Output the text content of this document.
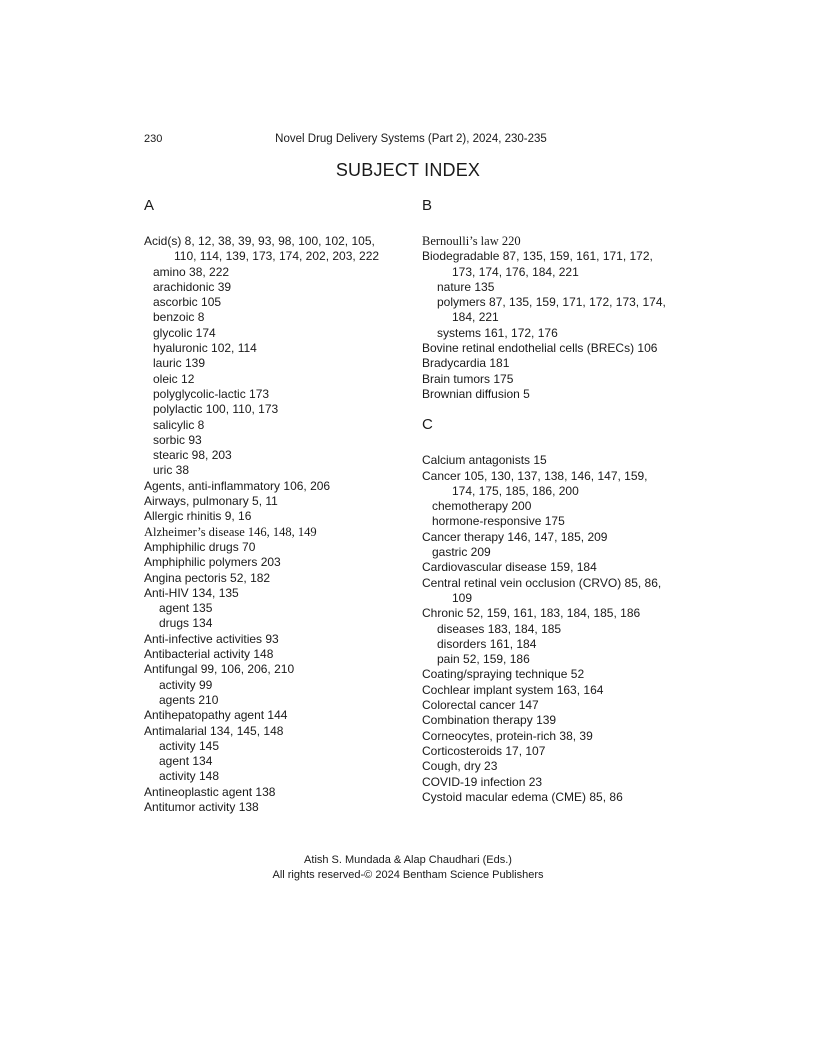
230	Novel Drug Delivery Systems (Part 2), 2024, 230-235
SUBJECT INDEX
A
Acid(s) 8, 12, 38, 39, 93, 98, 100, 102, 105,
110, 114, 139, 173, 174, 202, 203, 222
amino 38, 222
arachidonic 39
ascorbic 105
benzoic 8
glycolic 174
hyaluronic 102, 114
lauric 139
oleic 12
polyglycolic-lactic 173
polylactic 100, 110, 173
salicylic 8
sorbic 93
stearic 98, 203
uric 38
Agents, anti-inflammatory 106, 206
Airways, pulmonary 5, 11
Allergic rhinitis 9, 16
Alzheimer’s disease 146, 148, 149
Amphiphilic drugs 70
Amphiphilic polymers 203
Angina pectoris 52, 182
Anti-HIV 134, 135
agent 135
drugs 134
Anti-infective activities 93
Antibacterial activity 148
Antifungal 99, 106, 206, 210
activity 99
agents 210
Antihepatopathy agent 144
Antimalarial 134, 145, 148
activity 145
agent 134
activity 148
Antineoplastic agent 138
Antitumor activity 138
B
Bernoulli’s law 220
Biodegradable 87, 135, 159, 161, 171, 172,
173, 174, 176, 184, 221
nature 135
polymers 87, 135, 159, 171, 172, 173, 174,
184, 221
systems 161, 172, 176
Bovine retinal endothelial cells (BRECs) 106
Bradycardia 181
Brain tumors 175
Brownian diffusion 5
C
Calcium antagonists 15
Cancer 105, 130, 137, 138, 146, 147, 159,
174, 175, 185, 186, 200
chemotherapy 200
hormone-responsive 175
Cancer therapy 146, 147, 185, 209
gastric 209
Cardiovascular disease 159, 184
Central retinal vein occlusion (CRVO) 85, 86,
109
Chronic 52, 159, 161, 183, 184, 185, 186
diseases 183, 184, 185
disorders 161, 184
pain 52, 159, 186
Coating/spraying technique 52
Cochlear implant system 163, 164
Colorectal cancer 147
Combination therapy 139
Corneocytes, protein-rich 38, 39
Corticosteroids 17, 107
Cough, dry 23
COVID-19 infection 23
Cystoid macular edema (CME) 85, 86
Atish S. Mundada & Alap Chaudhari (Eds.)
All rights reserved-© 2024 Bentham Science Publishers
